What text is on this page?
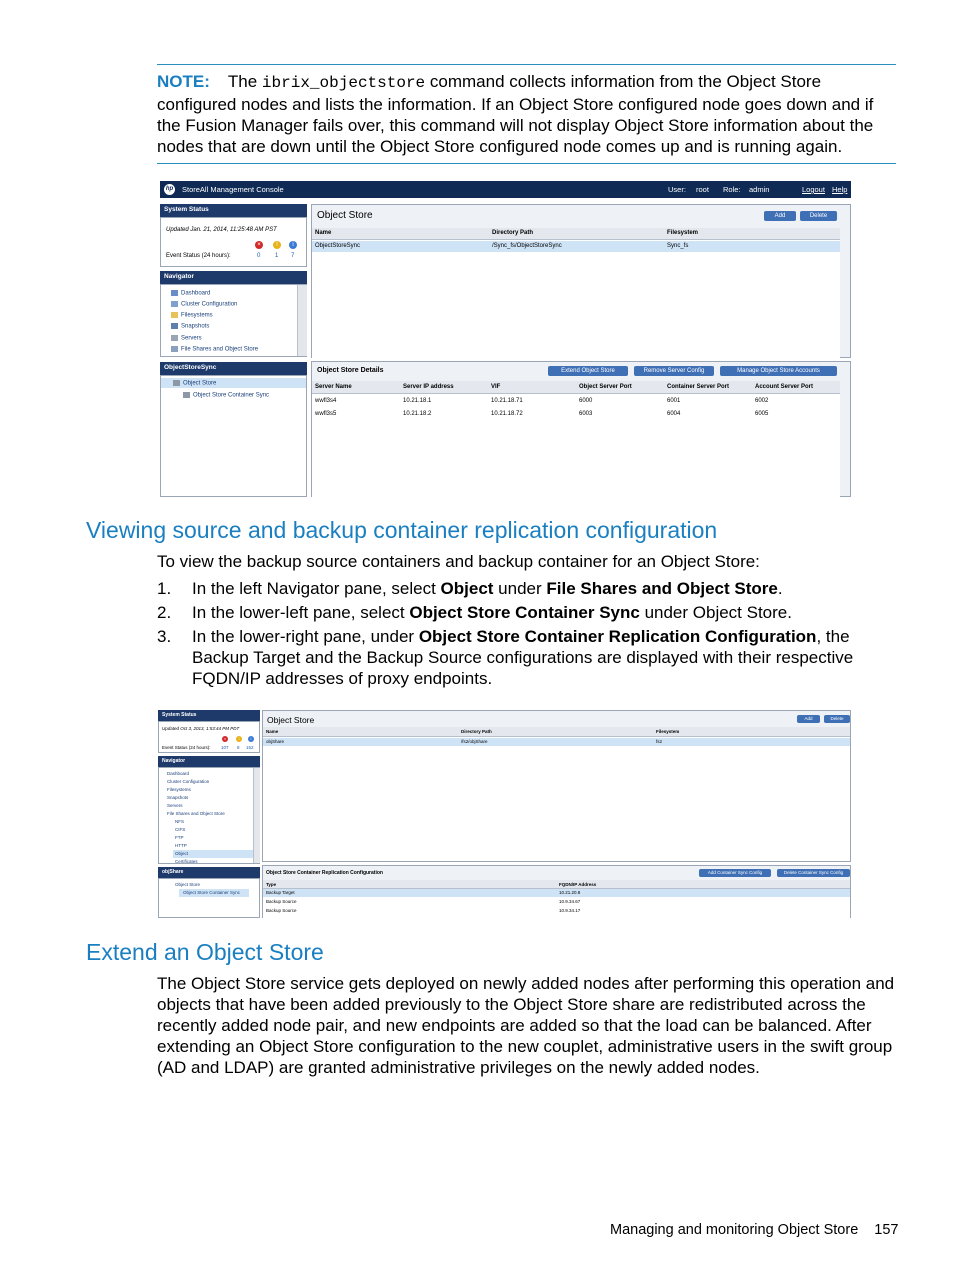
NOTE: The ibrix_objectstore command collects information from the Object Store configured nodes and lists the information. If an Object Store configured node goes down and if the Fusion Manager fails over, this command will not display Object Store information about the nodes that are down until the Object Store configured node comes up and is running again.
hp StoreAll Management Console	User: root Role: admin	Logout Help
System Status
Updated Jan. 21, 2014, 11:25:48 AM PST
×	!	i
Event Status (24 hours):	0 1 7
Navigator
Dashboard
Cluster Configuration
Filesystems
Snapshots
Servers
File Shares and Object Store
ObjectStoreSync
Object Store
Object Store Container Sync
Object Store	Add	Delete
Name	Directory Path	Filesystem
ObjectStoreSync	/Sync_fs/ObjectStoreSync	Sync_fs
Object Store Details	Extend Object Store	Remove Server Config	Manage Object Store Accounts
Server Name	Server IP address	VIF	Object Server Port	Container Server Port	Account Server Port
wwfl3s4	10.21.18.1	10.21.18.71	6000	6001	6002
wwfl3s5	10.21.18.2	10.21.18.72	6003	6004	6005
Viewing source and backup container replication configuration

To view the backup source containers and backup container for an Object Store:

1. In the left Navigator pane, select Object under File Shares and Object Store.
2. In the lower-left pane, select Object Store Container Sync under Object Store.
3. In the lower-right pane, under Object Store Container Replication Configuration, the Backup Target and the Backup Source configurations are displayed with their respective FQDN/IP addresses of proxy endpoints.
System Status
Updated Oct 3, 2013, 1:53:44 PM PDT
×	!	i
Event Status (24 hours): 107 8 152
Navigator
Dashboard
Cluster Configuration
Filesystems
Snapshots
Servers
File Shares and Object Store
NFS
CIFS
FTP
HTTP
Object
Certificates
objShare
Object Store
Object Store Container Sync
Object Store	Add	Delete
Name	Directory Path	Filesystem
objShare	/fs2/objShare	fs2
Object Store Container Replication Configuration	Add Container Sync Config	Delete Container Sync Config
Type	FQDN/IP Address
Backup Target	10.21.20.8
Backup Source	10.9.34.67
Backup Source	10.9.34.17
Extend an Object Store

The Object Store service gets deployed on newly added nodes after performing this operation and objects that have been added previously to the Object Store share are redistributed across the recently added node pair, and new endpoints are added so that the load can be balanced. After extending an Object Store configuration to the new couplet, administrative users in the swift group (AD and LDAP) are granted administrative privileges on the newly added nodes.

Managing and monitoring Object Store 157
